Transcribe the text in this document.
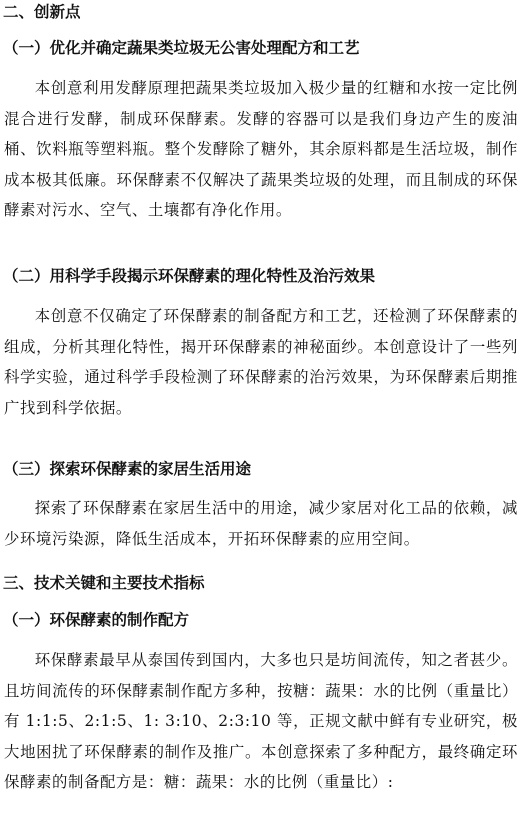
二、创新点
（一）优化并确定蔬果类垃圾无公害处理配方和工艺

本创意利用发酵原理把蔬果类垃圾加入极少量的红糖和水按一定比例混合进行发酵，制成环保酵素。发酵的容器可以是我们身边产生的废油桶、饮料瓶等塑料瓶。整个发酵除了糖外，其余原料都是生活垃圾，制作成本极其低廉。环保酵素不仅解决了蔬果类垃圾的处理，而且制成的环保酵素对污水、空气、土壤都有净化作用。

（二）用科学手段揭示环保酵素的理化特性及治污效果

本创意不仅确定了环保酵素的制备配方和工艺，还检测了环保酵素的组成，分析其理化特性，揭开环保酵素的神秘面纱。本创意设计了一些列科学实验，通过科学手段检测了环保酵素的治污效果，为环保酵素后期推广找到科学依据。

（三）探索环保酵素的家居生活用途

探索了环保酵素在家居生活中的用途，减少家居对化工品的依赖，减少环境污染源，降低生活成本，开拓环保酵素的应用空间。

三、技术关键和主要技术指标
（一）环保酵素的制作配方

环保酵素最早从泰国传到国内，大多也只是坊间流传，知之者甚少。且坊间流传的环保酵素制作配方多种，按糖：蔬果：水的比例（重量比）有 1:1:5、2:1:5、1: 3:10、2:3:10 等，正规文献中鲜有专业研究，极大地困扰了环保酵素的制作及推广。本创意探索了多种配方，最终确定环保酵素的制备配方是：糖：蔬果：水的比例（重量比）:
